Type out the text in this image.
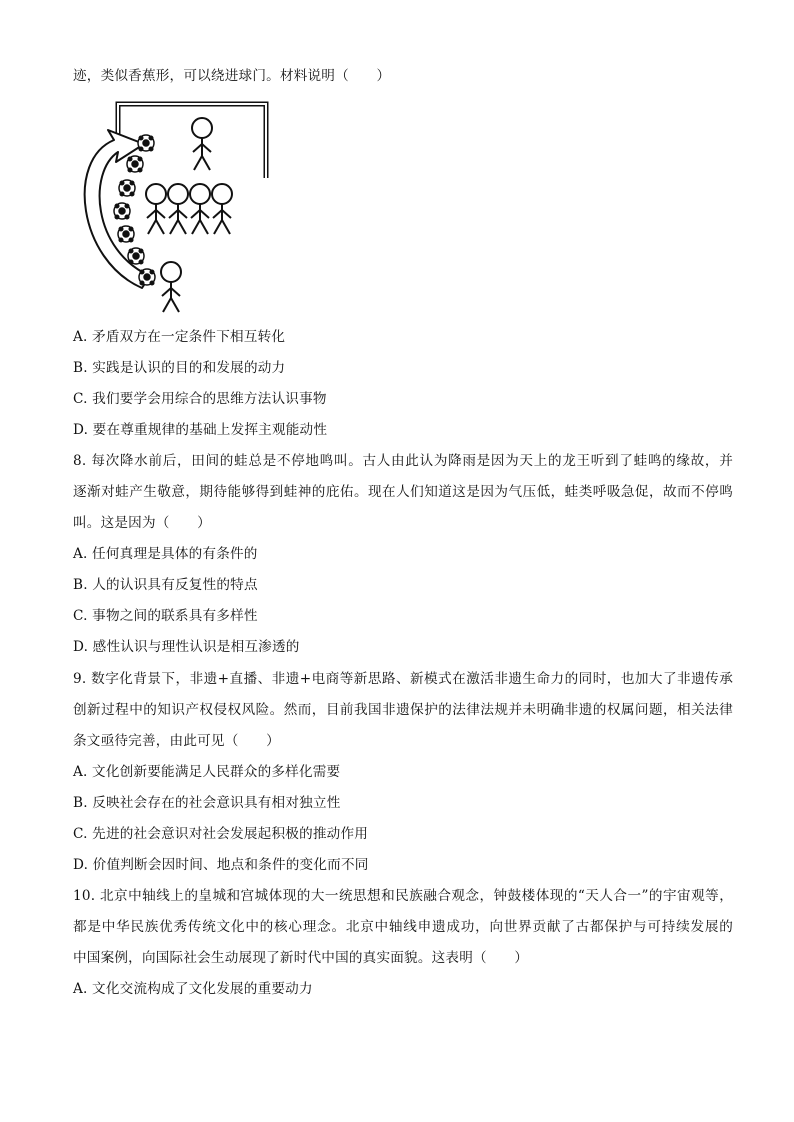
迹，类似香蕉形，可以绕进球门。材料说明（　　）
A. 矛盾双方在一定条件下相互转化
B. 实践是认识的目的和发展的动力
C. 我们要学会用综合的思维方法认识事物
D. 要在尊重规律的基础上发挥主观能动性
8. 每次降水前后，田间的蛙总是不停地鸣叫。古人由此认为降雨是因为天上的龙王听到了蛙鸣的缘故，并
逐渐对蛙产生敬意，期待能够得到蛙神的庇佑。现在人们知道这是因为气压低，蛙类呼吸急促，故而不停鸣
叫。这是因为（　　）
A. 任何真理是具体的有条件的
B. 人的认识具有反复性的特点
C. 事物之间的联系具有多样性
D. 感性认识与理性认识是相互渗透的
9. 数字化背景下，非遗+直播、非遗+电商等新思路、新模式在激活非遗生命力的同时，也加大了非遗传承
创新过程中的知识产权侵权风险。然而，目前我国非遗保护的法律法规并未明确非遗的权属问题，相关法律
条文亟待完善，由此可见（　　）
A. 文化创新要能满足人民群众的多样化需要
B. 反映社会存在的社会意识具有相对独立性
C. 先进的社会意识对社会发展起积极的推动作用
D. 价值判断会因时间、地点和条件的变化而不同
10. 北京中轴线上的皇城和宫城体现的大一统思想和民族融合观念，钟鼓楼体现的“天人合一”的宇宙观等，
都是中华民族优秀传统文化中的核心理念。北京中轴线申遗成功，向世界贡献了古都保护与可持续发展的
中国案例，向国际社会生动展现了新时代中国的真实面貌。这表明（　　）
A. 文化交流构成了文化发展的重要动力
